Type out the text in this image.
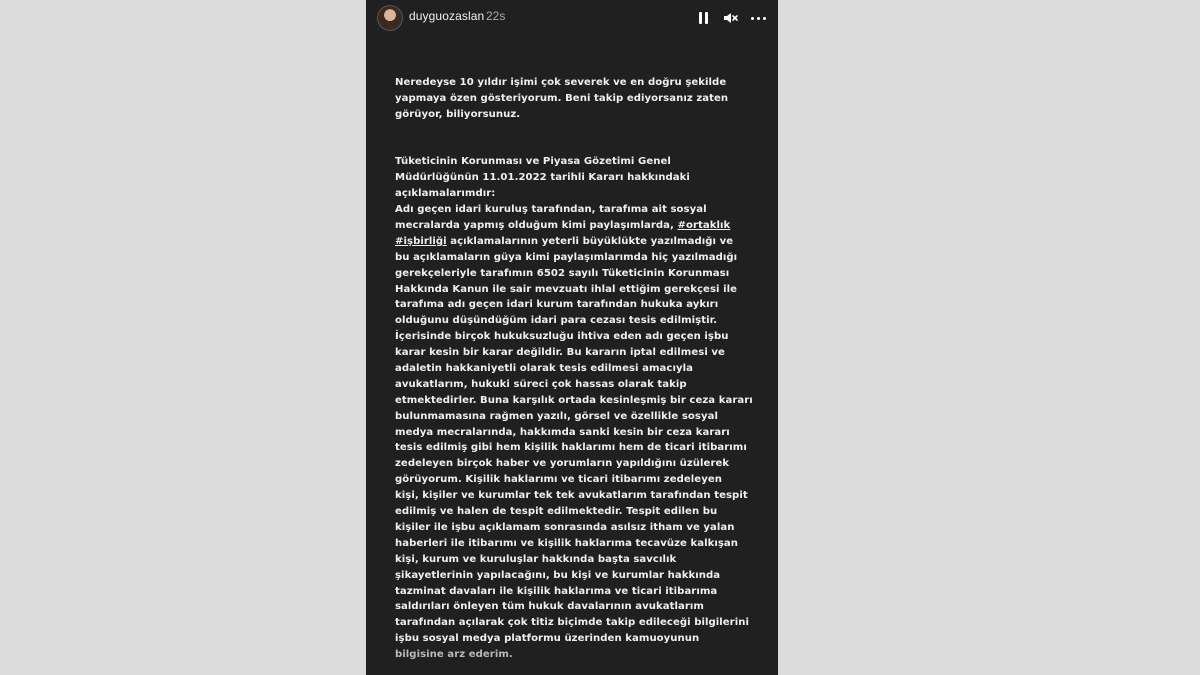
duyguozaslan 22s
Neredeyse 10 yıldır işimi çok severek ve en doğru şekilde
yapmaya özen gösteriyorum. Beni takip ediyorsanız zaten
görüyor, biliyorsunuz.
Tüketicinin Korunması ve Piyasa Gözetimi Genel
Müdürlüğünün 11.01.2022 tarihli Kararı hakkındaki
açıklamalarımdır:
Adı geçen idari kuruluş tarafından, tarafıma ait sosyal
mecralarda yapmış olduğum kimi paylaşımlarda, #ortaklık
#işbirliği açıklamalarının yeterli büyüklükte yazılmadığı ve
bu açıklamaların güya kimi paylaşımlarımda hiç yazılmadığı
gerekçeleriyle tarafımın 6502 sayılı Tüketicinin Korunması
Hakkında Kanun ile sair mevzuatı ihlal ettiğim gerekçesi ile
tarafıma adı geçen idari kurum tarafından hukuka aykırı
olduğunu düşündüğüm idari para cezası tesis edilmiştir.
İçerisinde birçok hukuksuzluğu ihtiva eden adı geçen işbu
karar kesin bir karar değildir. Bu kararın iptal edilmesi ve
adaletin hakkaniyetli olarak tesis edilmesi amacıyla
avukatlarım, hukuki süreci çok hassas olarak takip
etmektedirler. Buna karşılık ortada kesinleşmiş bir ceza kararı
bulunmamasına rağmen yazılı, görsel ve özellikle sosyal
medya mecralarında, hakkımda sanki kesin bir ceza kararı
tesis edilmiş gibi hem kişilik haklarımı hem de ticari itibarımı
zedeleyen birçok haber ve yorumların yapıldığını üzülerek
görüyorum. Kişilik haklarımı ve ticari itibarımı zedeleyen
kişi, kişiler ve kurumlar tek tek avukatlarım tarafından tespit
edilmiş ve halen de tespit edilmektedir. Tespit edilen bu
kişiler ile işbu açıklamam sonrasında asılsız itham ve yalan
haberleri ile itibarımı ve kişilik haklarıma tecavüze kalkışan
kişi, kurum ve kuruluşlar hakkında başta savcılık
şikayetlerinin yapılacağını, bu kişi ve kurumlar hakkında
tazminat davaları ile kişilik haklarıma ve ticari itibarıma
saldırıları önleyen tüm hukuk davalarının avukatlarım
tarafından açılarak çok titiz biçimde takip edileceği bilgilerini
işbu sosyal medya platformu üzerinden kamuoyunun
bilgisine arz ederim.
